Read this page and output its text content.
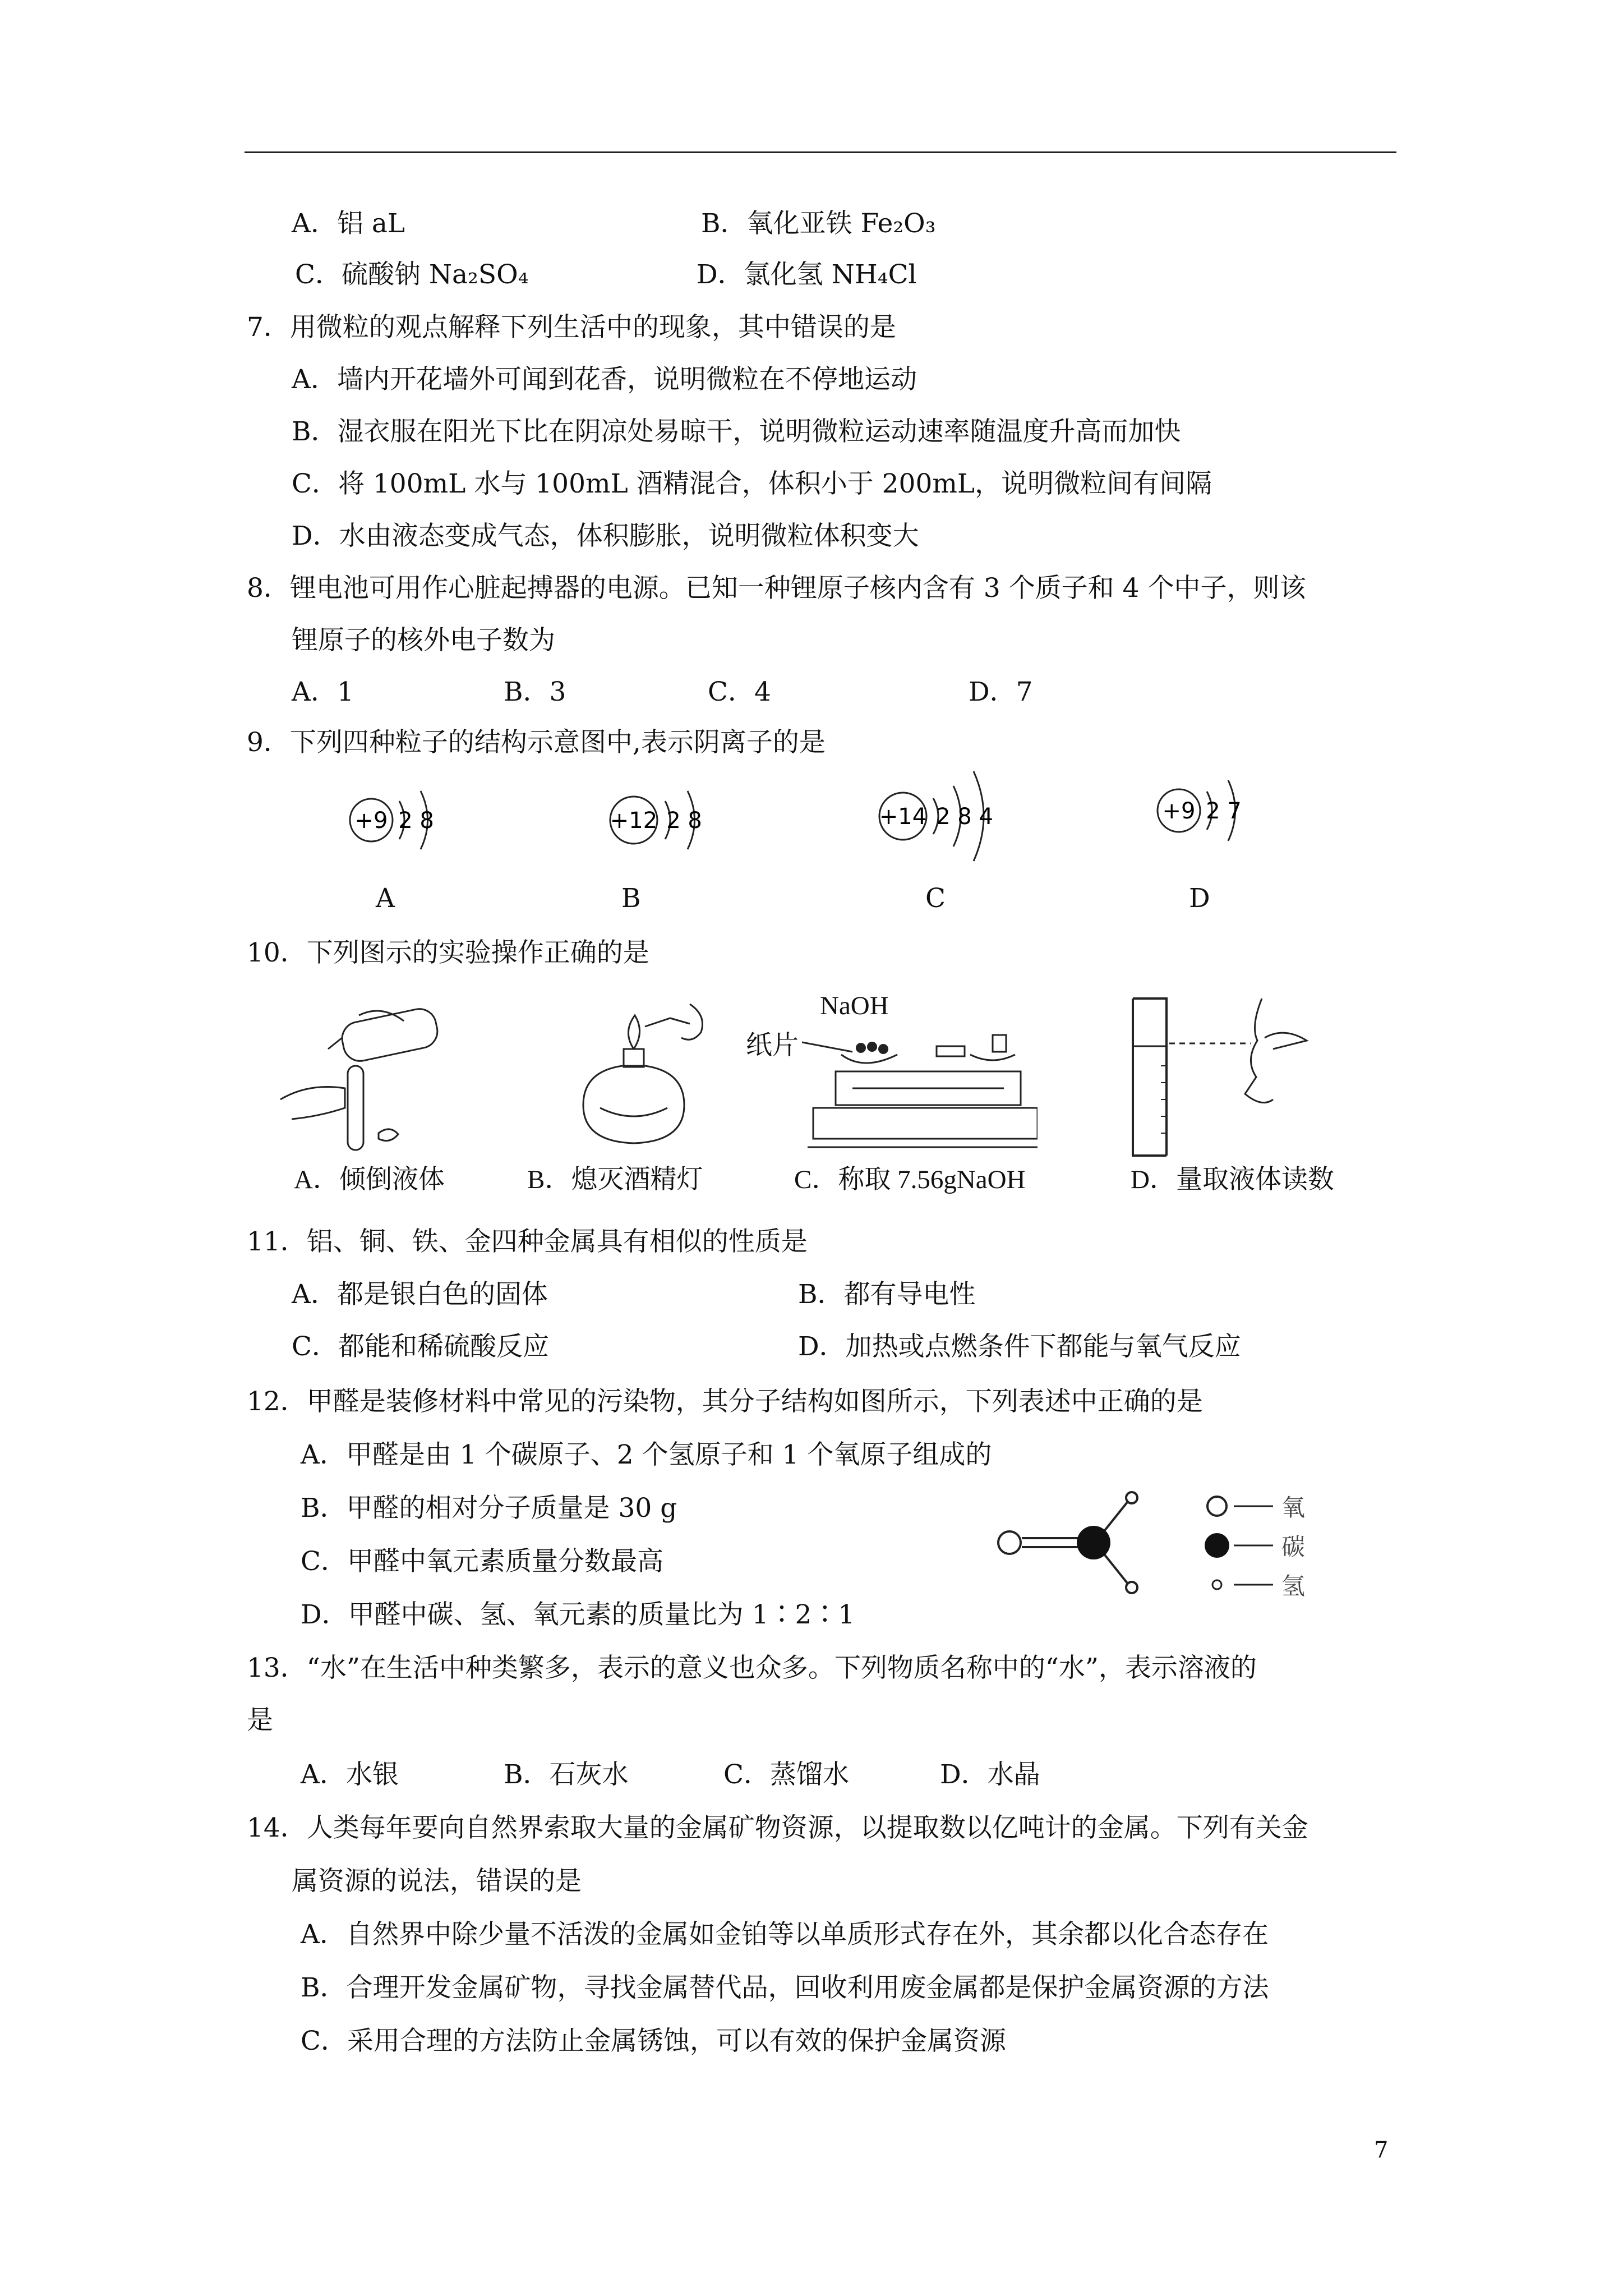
A．铝 aL	B．氧化亚铁 Fe₂O₃
C．硫酸钠 Na₂SO₄	D．氯化氢 NH₄Cl
7．用微粒的观点解释下列生活中的现象，其中错误的是
A．墙内开花墙外可闻到花香，说明微粒在不停地运动
B．湿衣服在阳光下比在阴凉处易晾干，说明微粒运动速率随温度升高而加快
C．将 100mL 水与 100mL 酒精混合，体积小于 200mL，说明微粒间有间隔
D．水由液态变成气态，体积膨胀，说明微粒体积变大
8．锂电池可用作心脏起搏器的电源。已知一种锂原子核内含有 3 个质子和 4 个中子，则该
锂原子的核外电子数为
A．1	B．3	C．4	D．7
9．下列四种粒子的结构示意图中,表示阴离子的是
+9 2 8
A
+12 2 8
B
+14 2 8 4
C
+9 2 7
D
10．下列图示的实验操作正确的是
A．倾倒液体	B．熄灭酒精灯
NaOH
纸片
C．称取 7.56gNaOH	D．量取液体读数
11．铝、铜、铁、金四种金属具有相似的性质是
A．都是银白色的固体	B．都有导电性
C．都能和稀硫酸反应	D．加热或点燃条件下都能与氧气反应
12．甲醛是装修材料中常见的污染物，其分子结构如图所示，下列表述中正确的是
A．甲醛是由 1 个碳原子、2 个氢原子和 1 个氧原子组成的
B．甲醛的相对分子质量是 30 g
C．甲醛中氧元素质量分数最高
D．甲醛中碳、氢、氧元素的质量比为 1∶2∶1
氧
碳
氢
13．“水”在生活中种类繁多，表示的意义也众多。下列物质名称中的“水”，表示溶液的
是
A．水银	B．石灰水	C．蒸馏水	D．水晶
14．人类每年要向自然界索取大量的金属矿物资源，以提取数以亿吨计的金属。下列有关金
属资源的说法，错误的是
A．自然界中除少量不活泼的金属如金铂等以单质形式存在外，其余都以化合态存在
B．合理开发金属矿物，寻找金属替代品，回收利用废金属都是保护金属资源的方法
C．采用合理的方法防止金属锈蚀，可以有效的保护金属资源
7
